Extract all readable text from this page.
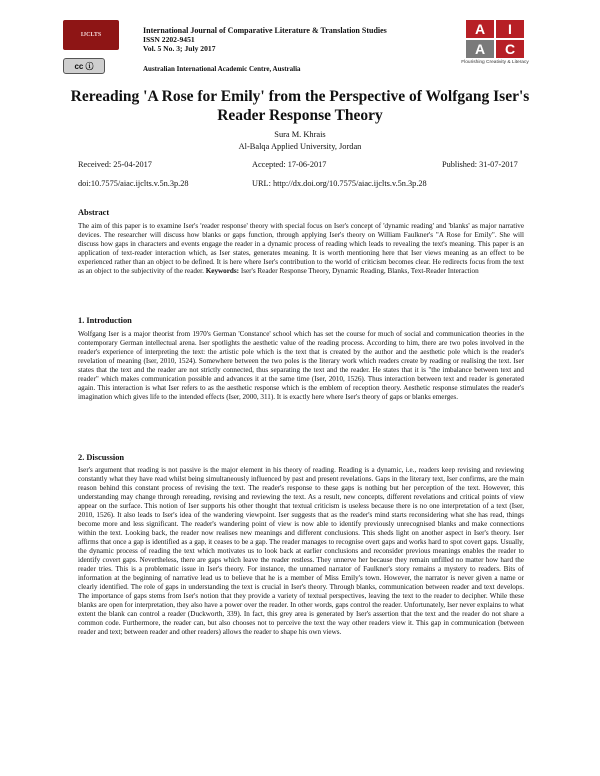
IJCLTS
cc ⓘ
International Journal of Comparative Literature & Translation Studies
ISSN 2202-9451
Vol. 5 No. 3; July 2017
Australian International Academic Centre, Australia
A	I
A	C
Flourishing Creativity & Literacy
Rereading 'A Rose for Emily' from the Perspective of Wolfgang Iser's
Reader Response Theory
Sura M. Khrais
Al-Balqa Applied University, Jordan
Received: 25-04-2017	Accepted: 17-06-2017	Published: 31-07-2017
doi:10.7575/aiac.ijclts.v.5n.3p.28	URL: http://dx.doi.org/10.7575/aiac.ijclts.v.5n.3p.28
Abstract

The aim of this paper is to examine Iser's 'reader response' theory with special focus on Iser's concept of 'dynamic reading' and 'blanks' as major narrative devices. The researcher will discuss how blanks or gaps function, through applying Iser's theory on William Faulkner's "A Rose for Emily". She will discuss how gaps in characters and events engage the reader in a dynamic process of reading which leads to revealing the text's meaning. This paper is an application of text-reader interaction which, as Iser states, generates meaning. It is worth mentioning here that Iser views meaning as an effect to be experienced rather than an object to be defined. It is here where Iser's contribution to the world of criticism becomes clear. He redirects focus from the text as an object to the subjectivity of the reader. Keywords: Iser's Reader Response Theory, Dynamic Reading, Blanks, Text-Reader Interaction

1. Introduction

Wolfgang Iser is a major theorist from 1970's German 'Constance' school which has set the course for much of social and communication theories in the contemporary German intellectual arena. Iser spotlights the aesthetic value of the reading process. According to him, there are two poles involved in the reader's experience of interpreting the text: the artistic pole which is the text that is created by the author and the aesthetic pole which is the reader's revelation of meaning (Iser, 2010, 1524). Somewhere between the two poles is the literary work which readers create by reading or realising the text. Iser states that the text and the reader are not strictly connected, thus separating the text and the reader. He states that it is "the imbalance between text and reader" which makes communication possible and advances it at the same time (Iser, 2010, 1526). Thus interaction between text and reader is generated again. This interaction is what Iser refers to as the aesthetic response which is the emblem of reception theory. Aesthetic response stimulates the reader's imagination which gives life to the intended effects (Iser, 2000, 311). It is exactly here where Iser's theory of gaps or blanks emerges.

2. Discussion

Iser's argument that reading is not passive is the major element in his theory of reading. Reading is a dynamic, i.e., readers keep revising and reviewing constantly what they have read whilst being simultaneously influenced by past and present revelations. Gaps in the literary text, Iser confirms, are the main reason behind this constant process of revising the text. The reader's response to these gaps is nothing but her perception of the text. However, this understanding may change through rereading, revising and reviewing the text. As a result, new concepts, different revelations and critical points of view appear on the surface. This notion of Iser supports his other thought that textual criticism is useless because there is no one interpretation of a text (Iser, 2010, 1526). It also leads to Iser's idea of the wandering viewpoint. Iser suggests that as the reader's mind starts reconsidering what she has read, things become more and less significant. The reader's wandering point of view is now able to identify previously unrecognised blanks and make connections within the text. Looking back, the reader now realises new meanings and different conclusions. This sheds light on another aspect in Iser's theory. Iser affirms that once a gap is identified as a gap, it ceases to be a gap. The reader manages to recognise overt gaps and works hard to spot covert gaps. Usually, the dynamic process of reading the text which motivates us to look back at earlier conclusions and reconsider previous meanings enables the reader to identify covert gaps. Nevertheless, there are gaps which leave the reader restless. They unnerve her because they remain unfilled no matter how hard the reader tries. This is a problematic issue in Iser's theory. For instance, the unnamed narrator of Faulkner's story remains a mystery to readers. Bits of information at the beginning of narrative lead us to believe that he is a member of Miss Emily's town. However, the narrator is never given a name or clearly identified. The role of gaps in understanding the text is crucial in Iser's theory. Through blanks, communication between reader and text develops. The importance of gaps stems from Iser's notion that they provide a variety of textual perspectives, leaving the text to the reader to decipher. While these blanks are open for interpretation, they also have a power over the reader. In other words, gaps control the reader. Unfortunately, Iser never explains to what extent the blank can control a reader (Duckworth, 339). In fact, this grey area is generated by Iser's assertion that the text and the reader do not share a common code. Furthermore, the reader can, but also chooses not to perceive the text the way other readers view it. This gap in communication (between reader and text; between reader and other readers) allows the reader to shape his own views.
